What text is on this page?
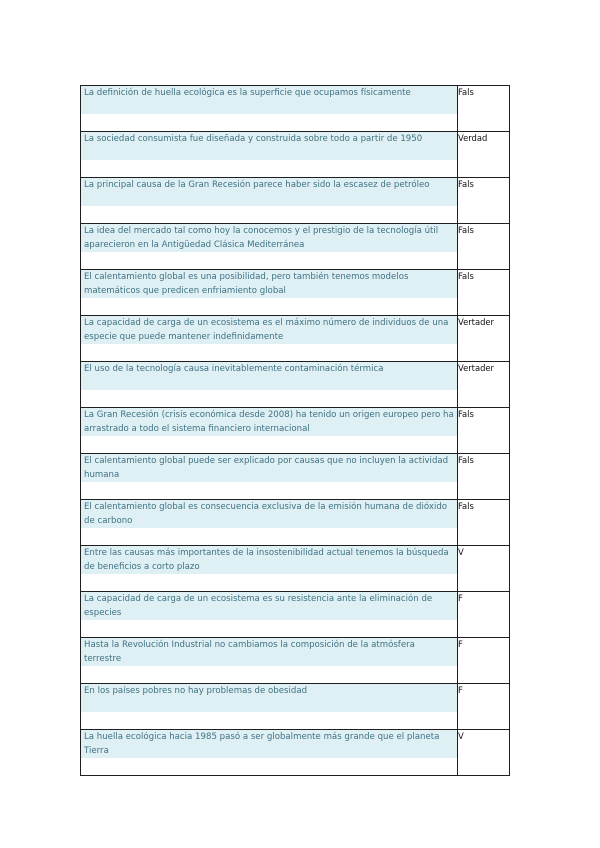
La definición de huella ecológica es la superficie que ocupamos físicamente	Fals

La sociedad consumista fue diseñada y construida sobre todo a partir de 1950	Verdad

La principal causa de la Gran Recesión parece haber sido la escasez de petróleo	Fals

La idea del mercado tal como hoy la conocemos y el prestigio de la tecnología útil aparecieron en la Antigüedad Clásica Mediterránea	Fals

El calentamiento global es una posibilidad, pero también tenemos modelos matemáticos que predicen enfriamiento global	Fals

La capacidad de carga de un ecosistema es el máximo número de individuos de una especie que puede mantener indefinidamente	Vertader

El uso de la tecnología causa inevitablemente contaminación térmica	Vertader

La Gran Recesión (crisis económica desde 2008) ha tenido un origen europeo pero ha arrastrado a todo el sistema financiero internacional	Fals

El calentamiento global puede ser explicado por causas que no incluyen la actividad humana	Fals

El calentamiento global es consecuencia exclusiva de la emisión humana de dióxido de carbono	Fals

Entre las causas más importantes de la insostenibilidad actual tenemos la búsqueda de beneficios a corto plazo	V

La capacidad de carga de un ecosistema es su resistencia ante la eliminación de especies	F

Hasta la Revolución Industrial no cambiamos la composición de la atmósfera terrestre	F

En los países pobres no hay problemas de obesidad	F

La huella ecológica hacia 1985 pasó a ser globalmente más grande que el planeta Tierra	V
